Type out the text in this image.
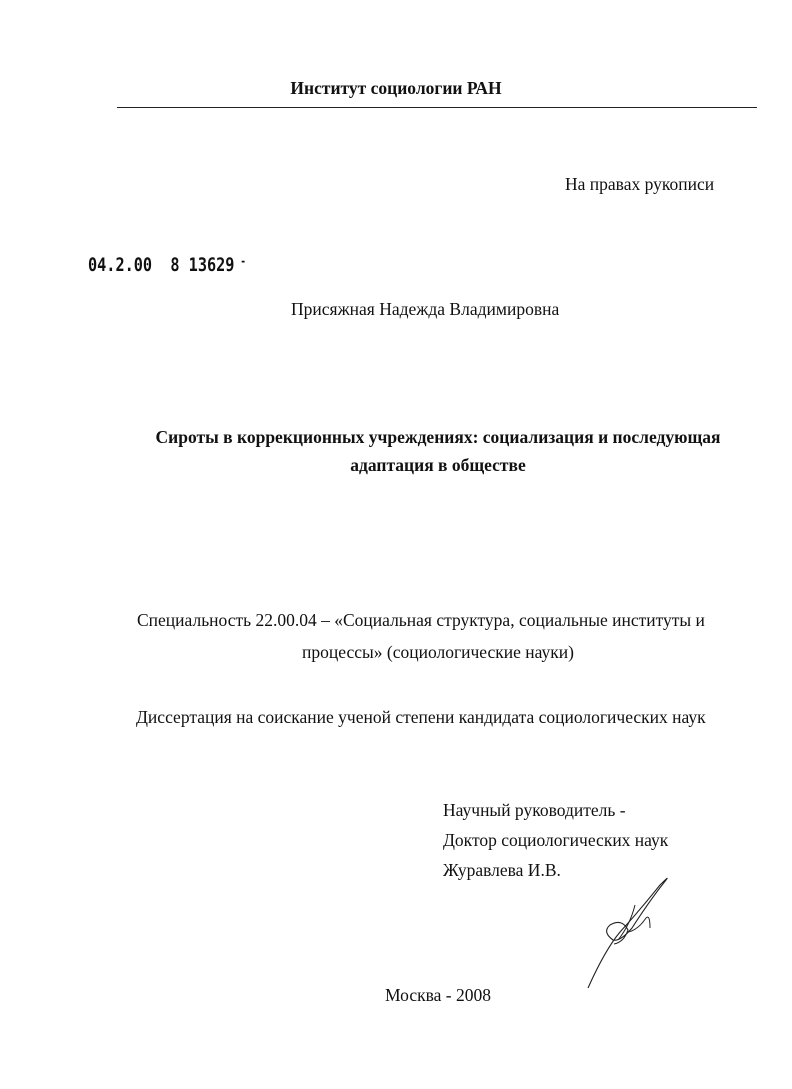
Институт социологии РАН
На правах рукописи
04.2.00 8 13629 -
Присяжная Надежда Владимировна
Сироты в коррекционных учреждениях: социализация и последующая
адаптация в обществе
Специальность 22.00.04 – «Социальная структура, социальные институты и
процессы» (социологические науки)
Диссертация на соискание ученой степени кандидата социологических наук
Научный руководитель -
Доктор социологических наук
Журавлева И.В.
Москва - 2008
